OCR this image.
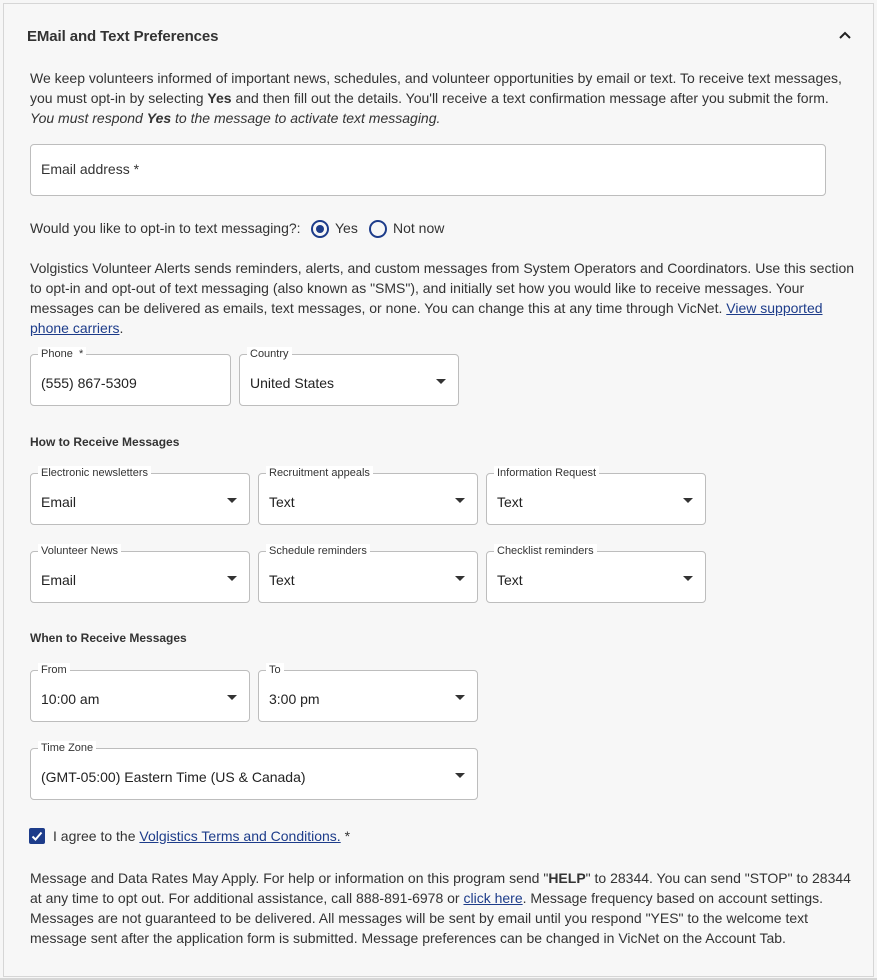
EMail and Text Preferences

We keep volunteers informed of important news, schedules, and volunteer opportunities by email or text. To receive text messages,
you must opt-in by selecting Yes and then fill out the details. You'll receive a text confirmation message after you submit the form.
You must respond Yes to the message to activate text messaging.

Email address *
Would you like to opt-in to text messaging?: Yes	Not now

Volgistics Volunteer Alerts sends reminders, alerts, and custom messages from System Operators and Coordinators. Use this section to opt-in and opt-out of text messaging (also known as "SMS"), and initially set how you would like to receive messages. Your messages can be delivered as emails, text messages, or none. You can change this at any time through VicNet. View supported phone carriers.

Phone *
(555) 867-5309
Country
United States
How to Receive Messages
Electronic newsletters
Email
Recruitment appeals
Text
Information Request
Text
Volunteer News
Email
Schedule reminders
Text
Checklist reminders
Text
When to Receive Messages
From
10:00 am
To
3:00 pm
Time Zone
(GMT-05:00) Eastern Time (US & Canada)
I agree to the Volgistics Terms and Conditions. *

Message and Data Rates May Apply. For help or information on this program send "HELP" to 28344. You can send "STOP" to 28344 at any time to opt out. For additional assistance, call 888-891-6978 or click here. Message frequency based on account settings. Messages are not guaranteed to be delivered. All messages will be sent by email until you respond "YES" to the welcome text message sent after the application form is submitted. Message preferences can be changed in VicNet on the Account Tab.
